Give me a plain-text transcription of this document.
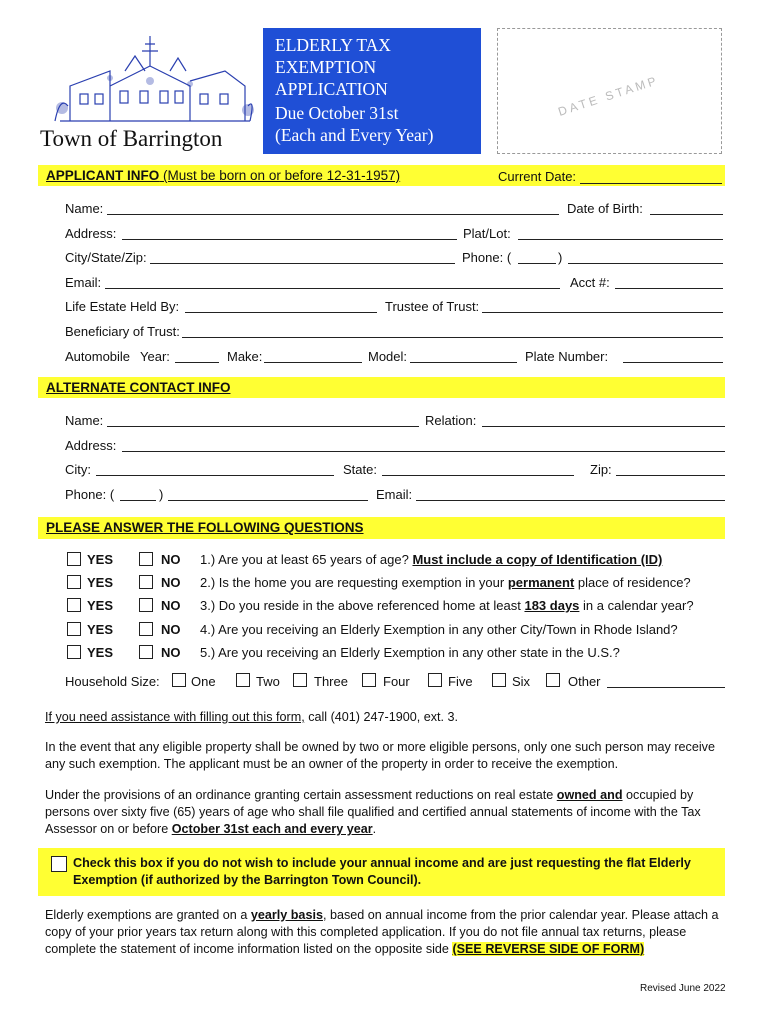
Town of Barrington
ELDERLY TAX
EXEMPTION
APPLICATION
Due October 31st
(Each and Every Year)
DATE STAMP
APPLICANT INFO (Must be born on or before 12-31-1957)	Current Date:
Name:	Date of Birth:
Address:	Plat/Lot:
City/State/Zip:	Phone: (	)
Email:	Acct #:
Life Estate Held By:	Trustee of Trust:
Beneficiary of Trust:
Automobile Year:	Make:	Model:	Plate Number:
ALTERNATE CONTACT INFO
Name:	Relation:
Address:
City:	State:	Zip:
Phone: (	)	Email:
PLEASE ANSWER THE FOLLOWING QUESTIONS
YES	NO 1.) Are you at least 65 years of age? Must include a copy of Identification (ID)
YES	NO 2.) Is the home you are requesting exemption in your permanent place of residence?
YES	NO 3.) Do you reside in the above referenced home at least 183 days in a calendar year?
YES	NO 4.) Are you receiving an Elderly Exemption in any other City/Town in Rhode Island?
YES	NO 5.) Are you receiving an Elderly Exemption in any other state in the U.S.?
Household Size: One	Two	Three	Four	Five	Six	Other
If you need assistance with filling out this form, call (401) 247-1900, ext. 3.
In the event that any eligible property shall be owned by two or more eligible persons, only one such person may receive any such exemption. The applicant must be an owner of the property in order to receive the exemption.
Under the provisions of an ordinance granting certain assessment reductions on real estate owned and occupied by persons over sixty five (65) years of age who shall file qualified and certified annual statements of income with the Tax Assessor on or before October 31st each and every year.
Check this box if you do not wish to include your annual income and are just requesting the flat Elderly Exemption (if authorized by the Barrington Town Council).
Elderly exemptions are granted on a yearly basis, based on annual income from the prior calendar year. Please attach a copy of your prior years tax return along with this completed application. If you do not file annual tax returns, please complete the statement of income information listed on the opposite side (SEE REVERSE SIDE OF FORM)
Revised June 2022
